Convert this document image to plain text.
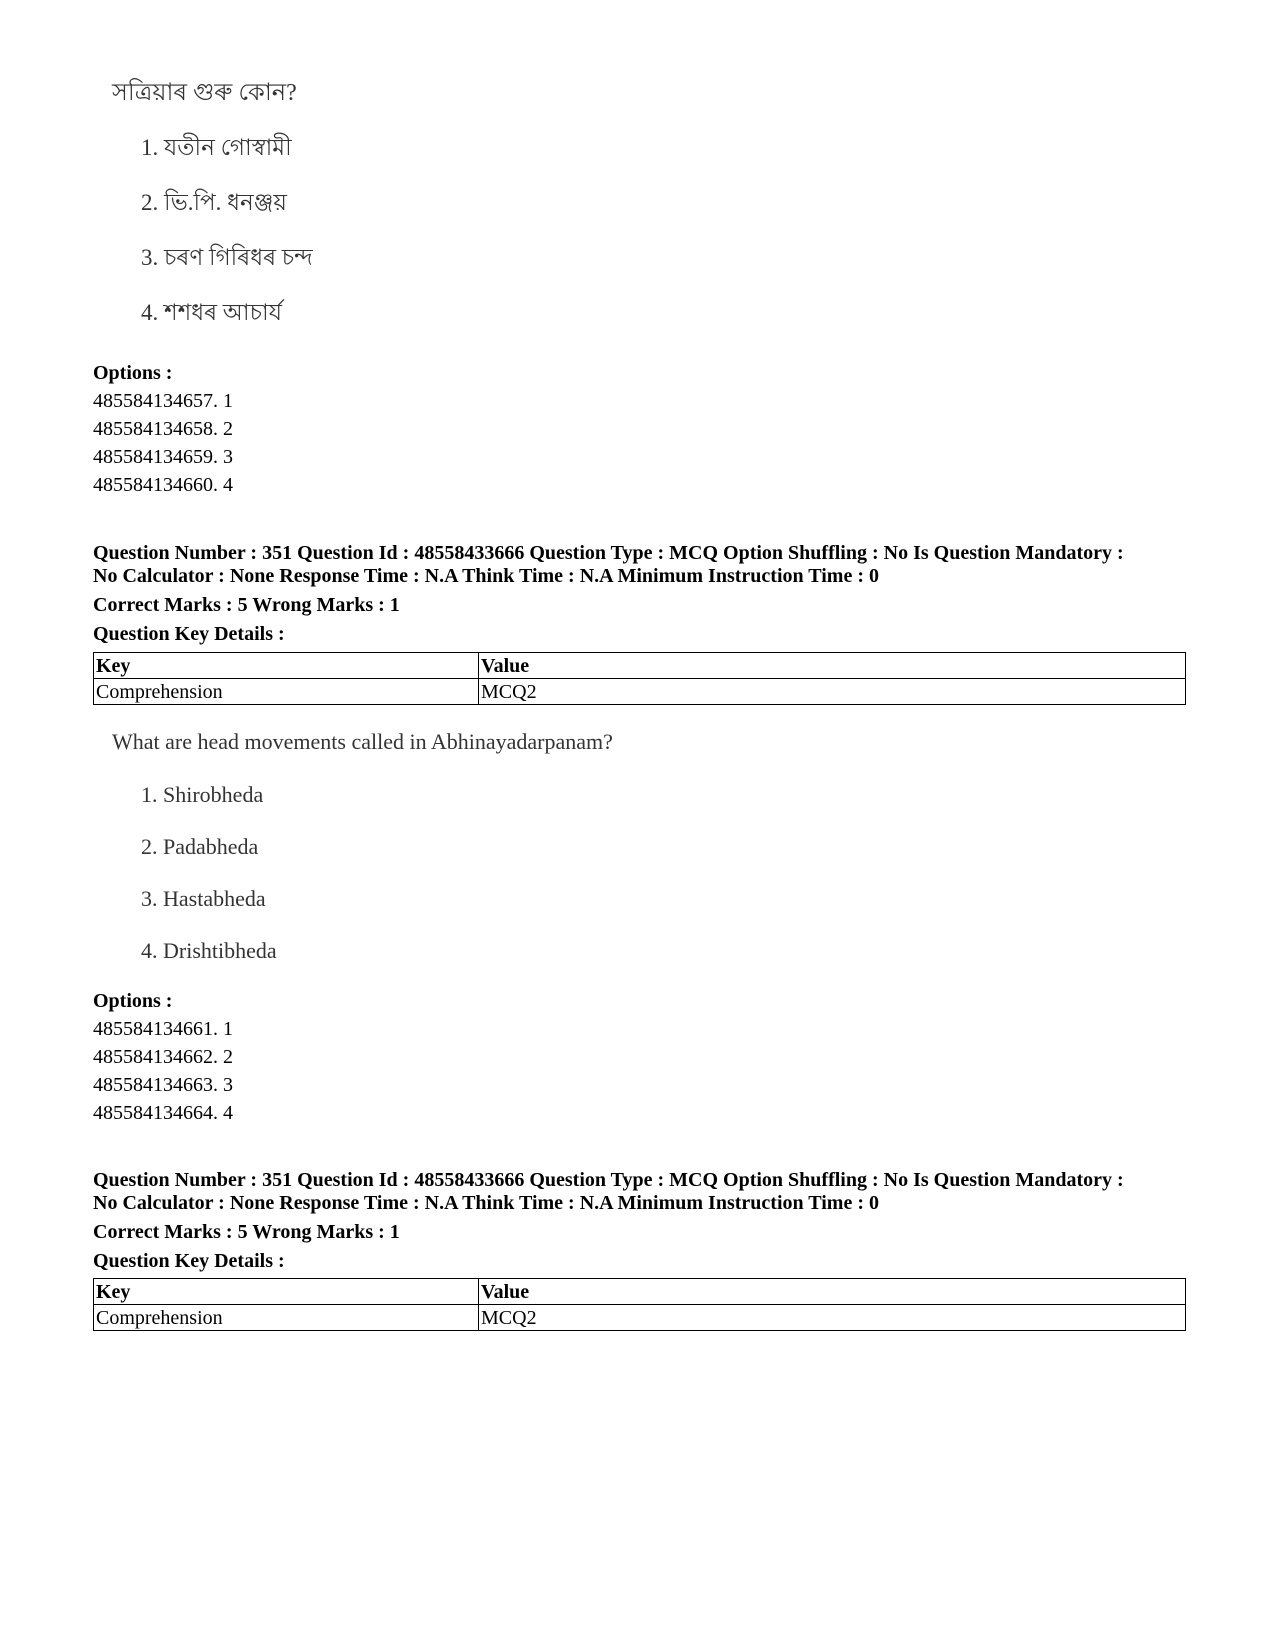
সত্ৰিয়াৰ গুৰু কোন?
1. যতীন গোস্বামী
2. ভি.পি. ধনঞ্জয়
3. চৰণ গিৰিধৰ চন্দ
4. শশধৰ আচাৰ্য
Options :
485584134657. 1
485584134658. 2
485584134659. 3
485584134660. 4
Question Number : 351 Question Id : 48558433666 Question Type : MCQ Option Shuffling : No Is Question Mandatory :
No Calculator : None Response Time : N.A Think Time : N.A Minimum Instruction Time : 0
Correct Marks : 5 Wrong Marks : 1
Question Key Details :
Key	Value
Comprehension	MCQ2
What are head movements called in Abhinayadarpanam?
1. Shirobheda
2. Padabheda
3. Hastabheda
4. Drishtibheda
Options :
485584134661. 1
485584134662. 2
485584134663. 3
485584134664. 4
Question Number : 351 Question Id : 48558433666 Question Type : MCQ Option Shuffling : No Is Question Mandatory :
No Calculator : None Response Time : N.A Think Time : N.A Minimum Instruction Time : 0
Correct Marks : 5 Wrong Marks : 1
Question Key Details :
Key	Value
Comprehension	MCQ2
